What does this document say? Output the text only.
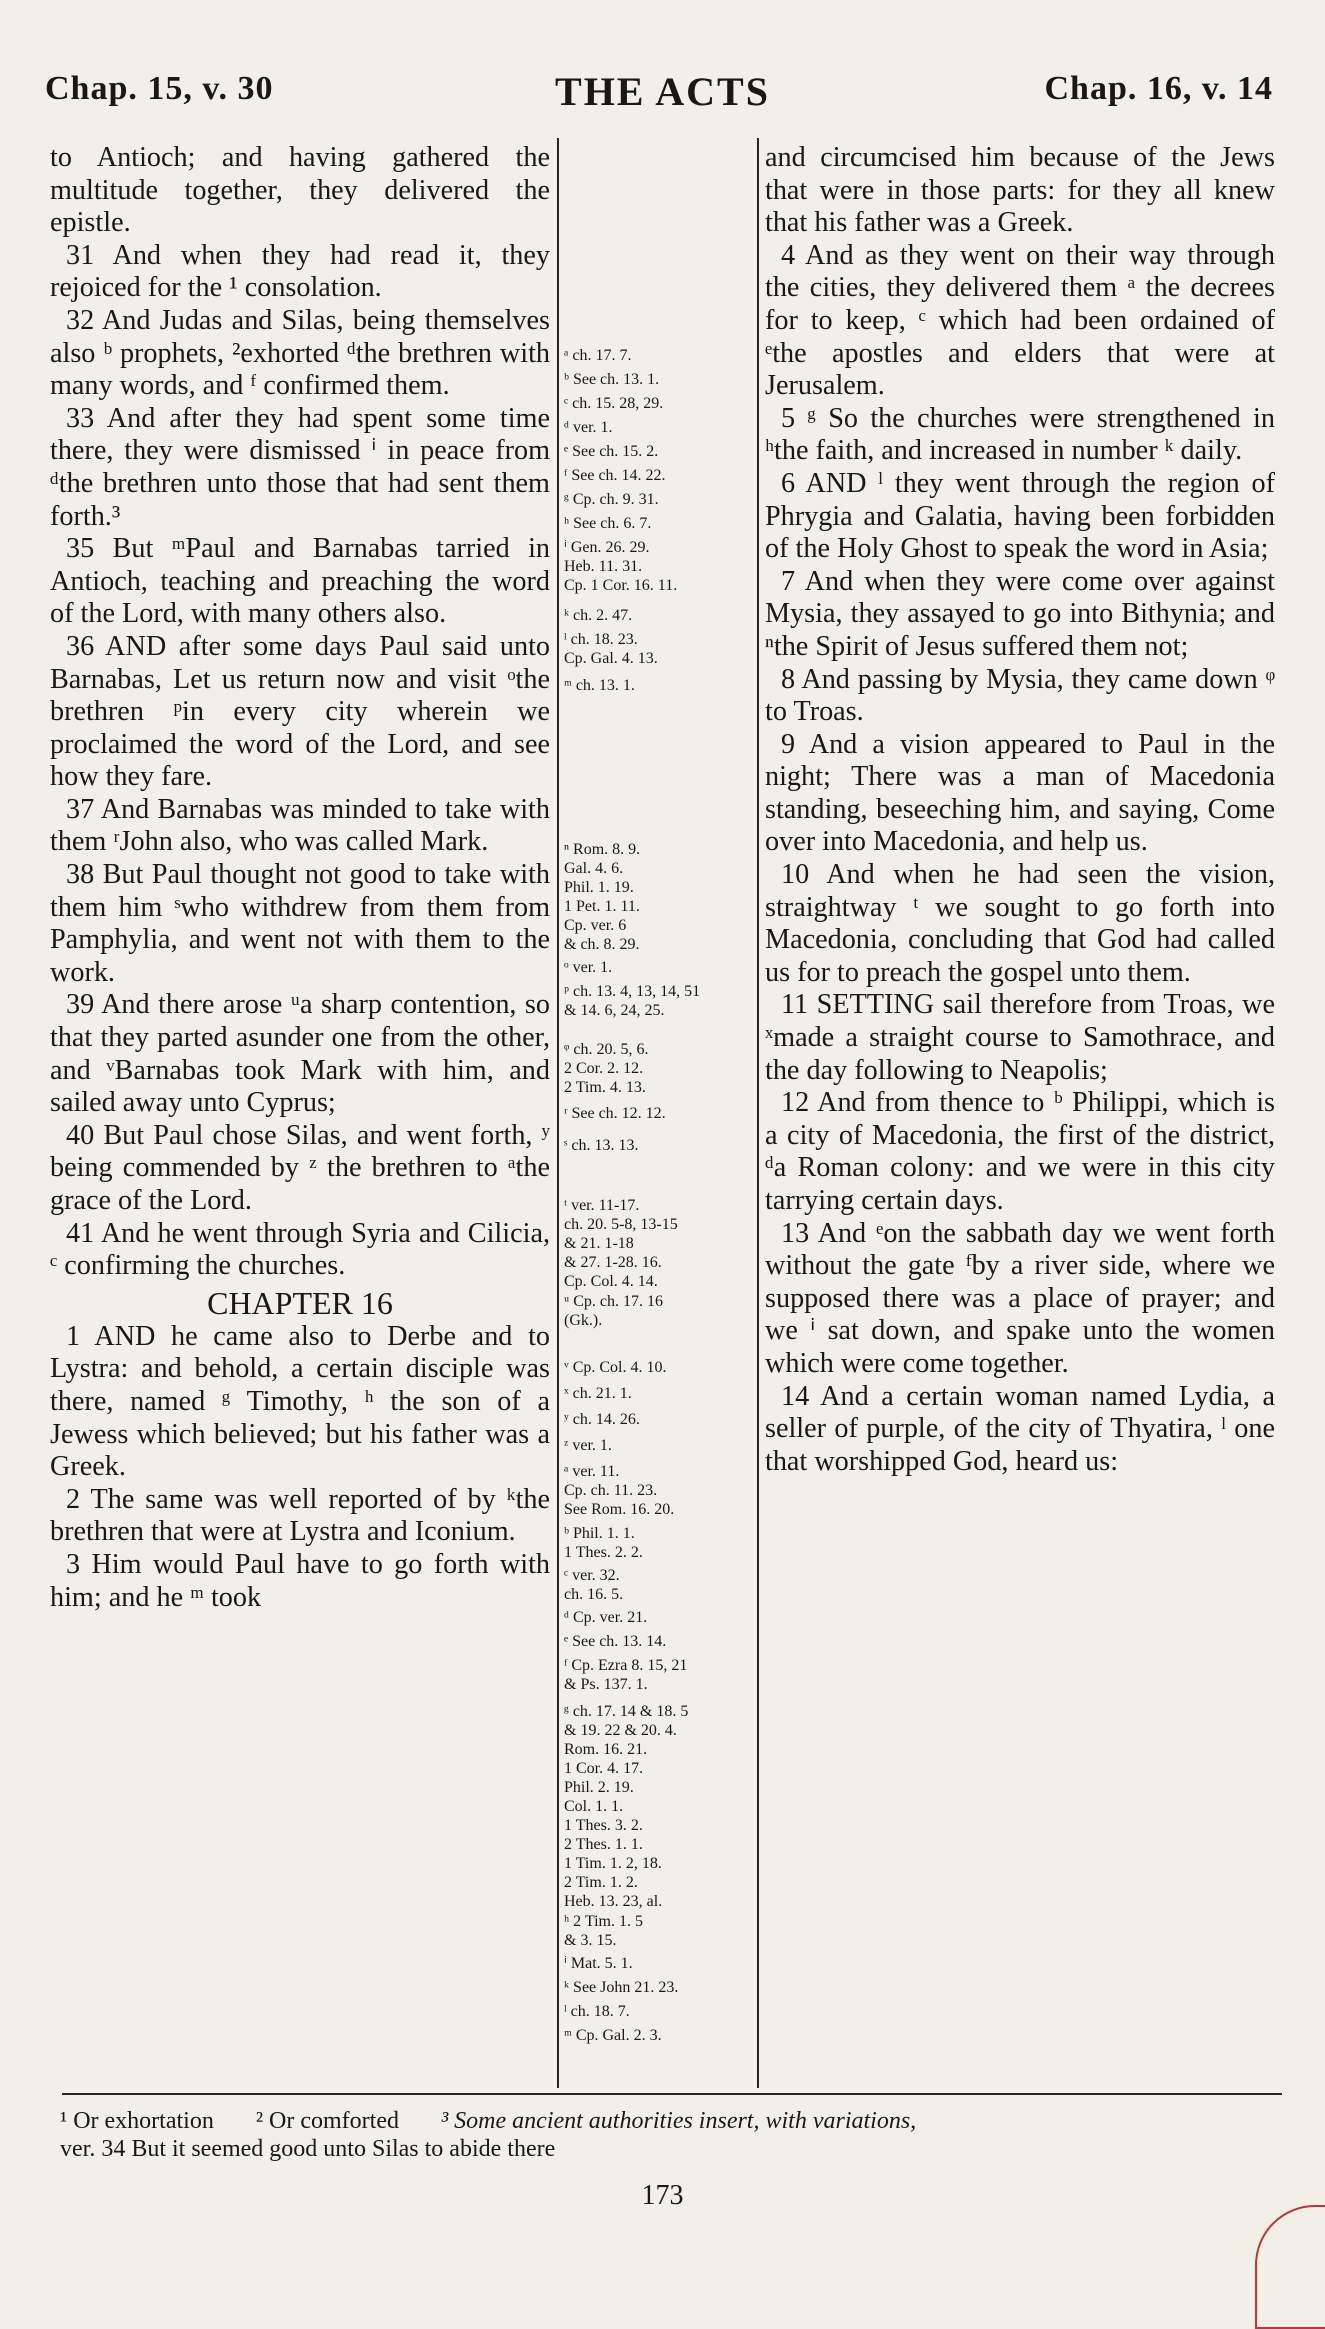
Chap. 15, v. 30	THE ACTS	Chap. 16, v. 14

to Antioch; and having gathered the multitude together, they delivered the epistle.

31 And when they had read it, they rejoiced for the ¹ consolation.

32 And Judas and Silas, being themselves also ᵇ prophets, ²exhorted ᵈthe brethren with many words, and ᶠ confirmed them.

33 And after they had spent some time there, they were dismissed ⁱ in peace from ᵈthe brethren unto those that had sent them forth.³

35 But ᵐPaul and Barnabas tarried in Antioch, teaching and preaching the word of the Lord, with many others also.

36 AND after some days Paul said unto Barnabas, Let us return now and visit ᵒthe brethren ᵖin every city wherein we proclaimed the word of the Lord, and see how they fare.

37 And Barnabas was minded to take with them ʳJohn also, who was called Mark.

38 But Paul thought not good to take with them him ˢwho withdrew from them from Pamphylia, and went not with them to the work.

39 And there arose ᵘa sharp contention, so that they parted asunder one from the other, and ᵛBarnabas took Mark with him, and sailed away unto Cyprus;

40 But Paul chose Silas, and went forth, ʸ being commended by ᶻ the brethren to ᵃthe grace of the Lord.

41 And he went through Syria and Cilicia, ᶜ confirming the churches.

CHAPTER 16

1 AND he came also to Derbe and to Lystra: and behold, a certain disciple was there, named ᵍ Timothy, ʰ the son of a Jewess which believed; but his father was a Greek.

2 The same was well reported of by ᵏthe brethren that were at Lystra and Iconium.

3 Him would Paul have to go forth with him; and he ᵐ took

ᵃ ch. 17. 7.
ᵇ See ch. 13. 1.
ᶜ ch. 15. 28, 29.
ᵈ ver. 1.
ᵉ See ch. 15. 2.
ᶠ See ch. 14. 22.
ᵍ Cp. ch. 9. 31.
ʰ See ch. 6. 7.
ⁱ Gen. 26. 29.
Heb. 11. 31.
Cp. 1 Cor. 16. 11.
ᵏ ch. 2. 47.
ˡ ch. 18. 23.
Cp. Gal. 4. 13.
ᵐ ch. 13. 1.
ⁿ Rom. 8. 9.
Gal. 4. 6.
Phil. 1. 19.
1 Pet. 1. 11.
Cp. ver. 6
& ch. 8. 29.
ᵒ ver. 1.
ᵖ ch. 13. 4, 13, 14, 51
& 14. 6, 24, 25.
ᵠ ch. 20. 5, 6.
2 Cor. 2. 12.
2 Tim. 4. 13.
ʳ See ch. 12. 12.
ˢ ch. 13. 13.
ᵗ ver. 11-17.
ch. 20. 5-8, 13-15
& 21. 1-18
& 27. 1-28. 16.
Cp. Col. 4. 14.
ᵘ Cp. ch. 17. 16
(Gk.).
ᵛ Cp. Col. 4. 10.
ˣ ch. 21. 1.
ʸ ch. 14. 26.
ᶻ ver. 1.
ᵃ ver. 11.
Cp. ch. 11. 23.
See Rom. 16. 20.
ᵇ Phil. 1. 1.
1 Thes. 2. 2.
ᶜ ver. 32.
ch. 16. 5.
ᵈ Cp. ver. 21.
ᵉ See ch. 13. 14.
ᶠ Cp. Ezra 8. 15, 21
& Ps. 137. 1.
ᵍ ch. 17. 14 & 18. 5
& 19. 22 & 20. 4.
Rom. 16. 21.
1 Cor. 4. 17.
Phil. 2. 19.
Col. 1. 1.
1 Thes. 3. 2.
2 Thes. 1. 1.
1 Tim. 1. 2, 18.
2 Tim. 1. 2.
Heb. 13. 23, al.
ʰ 2 Tim. 1. 5
& 3. 15.
ⁱ Mat. 5. 1.
ᵏ See John 21. 23.
ˡ ch. 18. 7.
ᵐ Cp. Gal. 2. 3.

and circumcised him because of the Jews that were in those parts: for they all knew that his father was a Greek.

4 And as they went on their way through the cities, they delivered them ᵃ the decrees for to keep, ᶜ which had been ordained of ᵉthe apostles and elders that were at Jerusalem.

5 ᵍ So the churches were strengthened in ʰthe faith, and increased in number ᵏ daily.

6 AND ˡ they went through the region of Phrygia and Galatia, having been forbidden of the Holy Ghost to speak the word in Asia;

7 And when they were come over against Mysia, they assayed to go into Bithynia; and ⁿthe Spirit of Jesus suffered them not;

8 And passing by Mysia, they came down ᵠ to Troas.

9 And a vision appeared to Paul in the night; There was a man of Macedonia standing, beseeching him, and saying, Come over into Macedonia, and help us.

10 And when he had seen the vision, straightway ᵗ we sought to go forth into Macedonia, concluding that God had called us for to preach the gospel unto them.

11 SETTING sail therefore from Troas, we ˣmade a straight course to Samothrace, and the day following to Neapolis;

12 And from thence to ᵇ Philippi, which is a city of Macedonia, the first of the district, ᵈa Roman colony: and we were in this city tarrying certain days.

13 And ᵉon the sabbath day we went forth without the gate ᶠby a river side, where we supposed there was a place of prayer; and we ⁱ sat down, and spake unto the women which were come together.

14 And a certain woman named Lydia, a seller of purple, of the city of Thyatira, ˡ one that worshipped God, heard us:

¹ Or exhortation ² Or comforted ³ Some ancient authorities insert, with variations,
ver. 34 But it seemed good unto Silas to abide there
173
